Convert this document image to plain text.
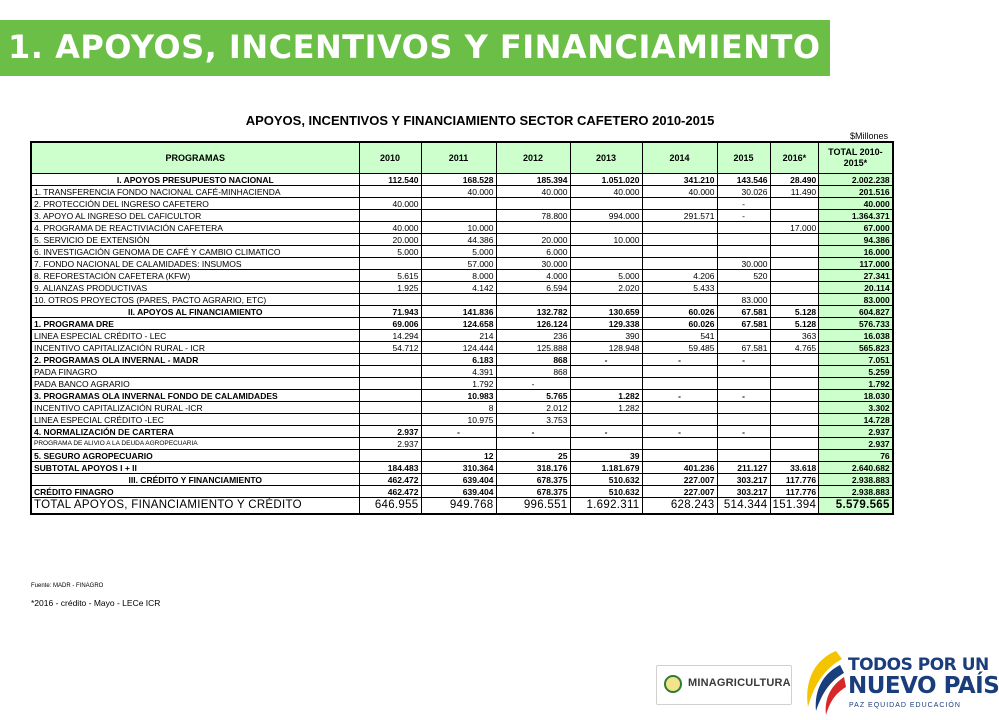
1. APOYOS, INCENTIVOS Y FINANCIAMIENTO
APOYOS, INCENTIVOS Y FINANCIAMIENTO SECTOR CAFETERO 2010-2015
$Millones
PROGRAMAS	2010	2011	2012	2013	2014	2015	2016*	TOTAL 2010-2015*
I. APOYOS PRESUPUESTO NACIONAL	112.540	168.528	185.394	1.051.020	341.210	143.546	28.490	2.002.238
1. TRANSFERENCIA FONDO NACIONAL CAFÉ-MINHACIENDA		40.000	40.000	40.000	40.000	30.026	11.490	201.516
2. PROTECCIÓN DEL INGRESO CAFETERO	40.000					-		40.000
3. APOYO AL INGRESO DEL CAFICULTOR			78.800	994.000	291.571	-		1.364.371
4. PROGRAMA DE REACTIVIACIÓN CAFETERA	40.000	10.000					17.000	67.000
5. SERVICIO DE EXTENSIÓN	20.000	44.386	20.000	10.000				94.386
6. INVESTIGACIÓN GENOMA DE CAFÉ Y CAMBIO CLIMATICO	5.000	5.000	6.000					16.000
7. FONDO NACIONAL DE CALAMIDADES: INSUMOS		57.000	30.000			30.000		117.000
8. REFORESTACIÓN CAFETERA (KFW)	5.615	8.000	4.000	5.000	4.206	520		27.341
9. ALIANZAS PRODUCTIVAS	1.925	4.142	6.594	2.020	5.433			20.114
10. OTROS PROYECTOS (PARES, PACTO AGRARIO, ETC)						83.000		83.000
II. APOYOS AL FINANCIAMIENTO	71.943	141.836	132.782	130.659	60.026	67.581	5.128	604.827
1. PROGRAMA DRE	69.006	124.658	126.124	129.338	60.026	67.581	5.128	576.733
LINEA ESPECIAL CRÉDITO - LEC	14.294	214	236	390	541		363	16.038
INCENTIVO CAPITALIZACIÓN RURAL - ICR	54.712	124.444	125.888	128.948	59.485	67.581	4.765	565.823
2. PROGRAMAS OLA INVERNAL - MADR		6.183	868	-	-	-		7.051
PADA FINAGRO		4.391	868					5.259
PADA BANCO AGRARIO		1.792	-					1.792
3. PROGRAMAS OLA INVERNAL FONDO DE CALAMIDADES		10.983	5.765	1.282	-	-		18.030
INCENTIVO CAPITALIZACIÓN RURAL -ICR		8	2.012	1.282				3.302
LINEA ESPECIAL CRÉDITO -LEC		10.975	3.753					14.728
4. NORMALIZACIÓN DE CARTERA	2.937	-	-	-	-	-		2.937
PROGRAMA DE ALIVIO A LA DEUDA AGROPECUARIA	2.937							2.937
5. SEGURO AGROPECUARIO		12	25	39				76
SUBTOTAL APOYOS I + II	184.483	310.364	318.176	1.181.679	401.236	211.127	33.618	2.640.682
III. CRÉDITO Y FINANCIAMIENTO	462.472	639.404	678.375	510.632	227.007	303.217	117.776	2.938.883
CRÉDITO FINAGRO	462.472	639.404	678.375	510.632	227.007	303.217	117.776	2.938.883
TOTAL APOYOS, FINANCIAMIENTO Y CRÉDITO	646.955	949.768	996.551	1.692.311	628.243	514.344	151.394	5.579.565
Fuente: MADR - FINAGRO
*2016 - crédito - Mayo - LECe ICR
MINAGRICULTURA
TODOS POR UN
NUEVO PAÍS
PAZ EQUIDAD EDUCACIÓN
